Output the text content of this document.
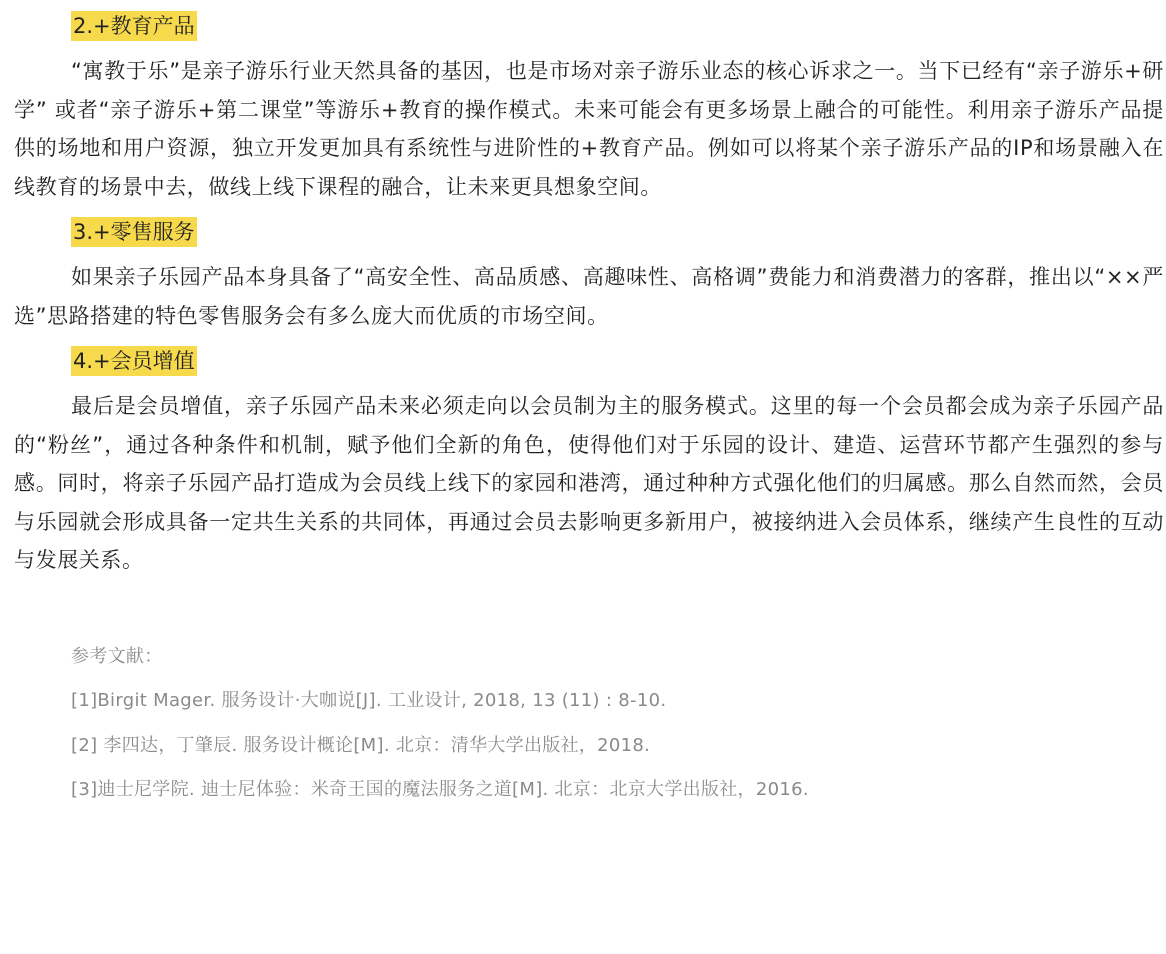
2.+教育产品

“寓教于乐”是亲子游乐行业天然具备的基因，也是市场对亲子游乐业态的核心诉求之一。当下已经有“亲子游乐+研学” 或者“亲子游乐+第二课堂”等游乐+教育的操作模式。未来可能会有更多场景上融合的可能性。利用亲子游乐产品提供的场地和用户资源，独立开发更加具有系统性与进阶性的+教育产品。例如可以将某个亲子游乐产品的IP和场景融入在线教育的场景中去，做线上线下课程的融合，让未来更具想象空间。

3.+零售服务

如果亲子乐园产品本身具备了“高安全性、高品质感、高趣味性、高格调”费能力和消费潜力的客群，推出以“××严选”思路搭建的特色零售服务会有多么庞大而优质的市场空间。

4.+会员增值

最后是会员增值，亲子乐园产品未来必须走向以会员制为主的服务模式。这里的每一个会员都会成为亲子乐园产品的“粉丝”，通过各种条件和机制，赋予他们全新的角色，使得他们对于乐园的设计、建造、运营环节都产生强烈的参与感。同时，将亲子乐园产品打造成为会员线上线下的家园和港湾，通过种种方式强化他们的归属感。那么自然而然，会员与乐园就会形成具备一定共生关系的共同体，再通过会员去影响更多新用户，被接纳进入会员体系，继续产生良性的互动与发展关系。

参考文献：
[1]Birgit Mager. 服务设计·大咖说[J]. 工业设计, 2018, 13 (11) : 8-10.
[2] 李四达，丁肇辰. 服务设计概论[M]. 北京：清华大学出版社，2018.
[3]迪士尼学院. 迪士尼体验：米奇王国的魔法服务之道[M]. 北京：北京大学出版社，2016.
